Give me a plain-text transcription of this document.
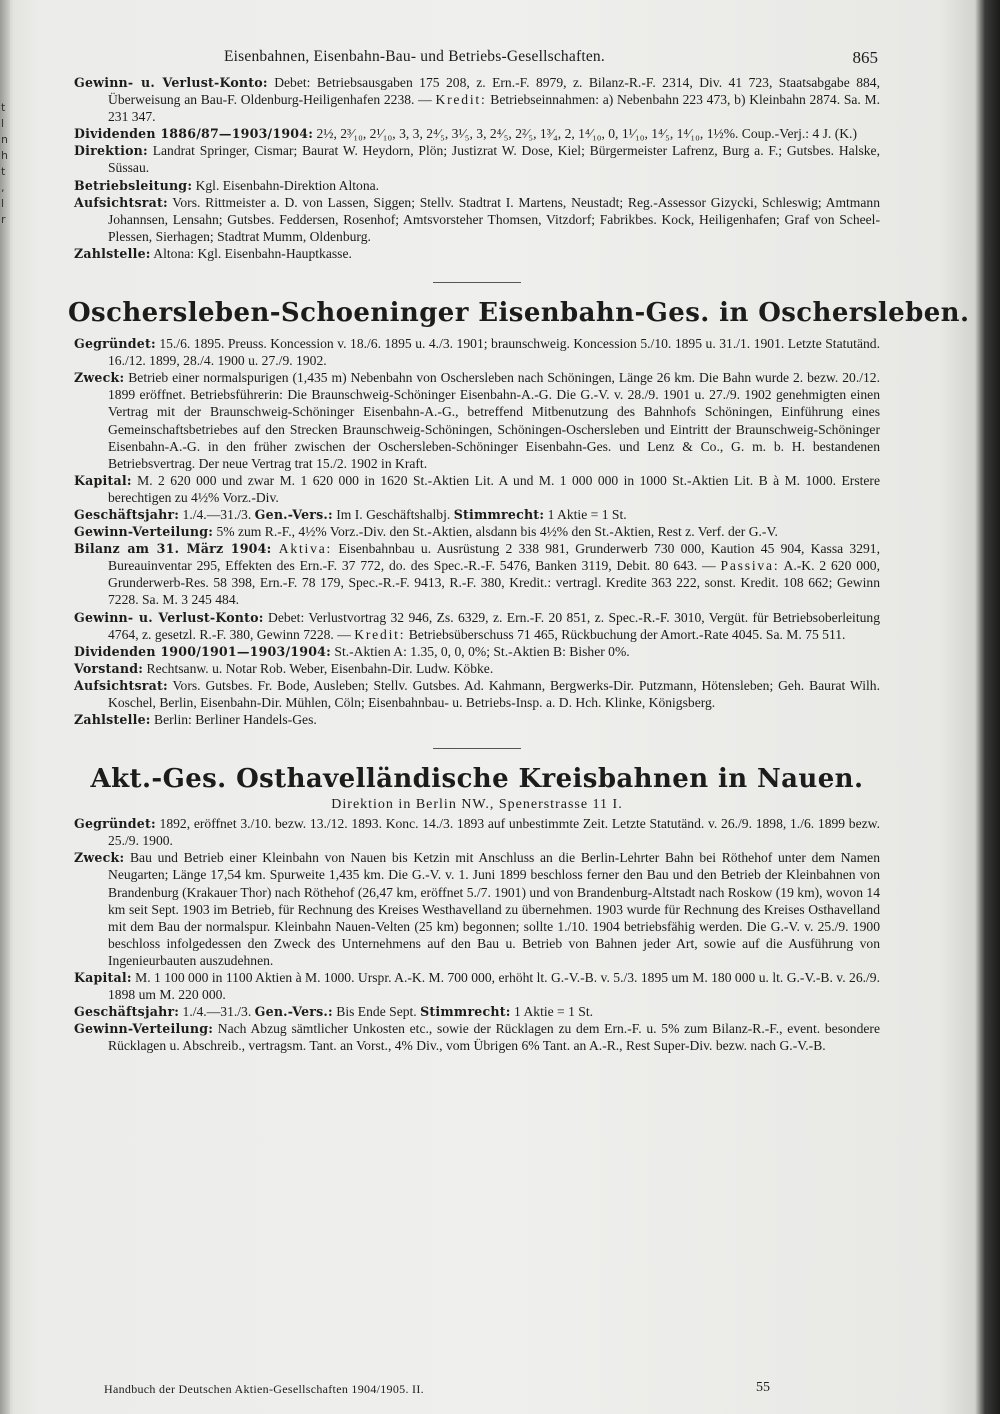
t
l
n
h
t
,
l
r
Eisenbahnen, Eisenbahn-Bau- und Betriebs-Gesellschaften.	865

Gewinn- u. Verlust-Konto: Debet: Betriebsausgaben 175 208, z. Ern.-F. 8979, z. Bilanz-R.-F. 2314, Div. 41 723, Staatsabgabe 884, Überweisung an Bau-F. Oldenburg-Heiligenhafen 2238. — Kredit: Betriebseinnahmen: a) Nebenbahn 223 473, b) Kleinbahn 2874. Sa. M. 231 347.

Dividenden 1886/87—1903/1904: 2½, 2³⁄₁₀, 2¹⁄₁₀, 3, 3, 2⁴⁄₅, 3¹⁄₅, 3, 2⁴⁄₅, 2²⁄₅, 1³⁄₄, 2, 1⁴⁄₁₀, 0, 1¹⁄₁₀, 1⁴⁄₅, 1⁴⁄₁₀, 1½%. Coup.-Verj.: 4 J. (K.)

Direktion: Landrat Springer, Cismar; Baurat W. Heydorn, Plön; Justizrat W. Dose, Kiel; Bürgermeister Lafrenz, Burg a. F.; Gutsbes. Halske, Süssau.

Betriebsleitung: Kgl. Eisenbahn-Direktion Altona.

Aufsichtsrat: Vors. Rittmeister a. D. von Lassen, Siggen; Stellv. Stadtrat I. Martens, Neustadt; Reg.-Assessor Gizycki, Schleswig; Amtmann Johannsen, Lensahn; Gutsbes. Feddersen, Rosenhof; Amtsvorsteher Thomsen, Vitzdorf; Fabrikbes. Kock, Heiligenhafen; Graf von Scheel-Plessen, Sierhagen; Stadtrat Mumm, Oldenburg.

Zahlstelle: Altona: Kgl. Eisenbahn-Hauptkasse.

Oschersleben-Schoeninger Eisenbahn-Ges. in Oschersleben.

Gegründet: 15./6. 1895. Preuss. Koncession v. 18./6. 1895 u. 4./3. 1901; braunschweig. Koncession 5./10. 1895 u. 31./1. 1901. Letzte Statutänd. 16./12. 1899, 28./4. 1900 u. 27./9. 1902.

Zweck: Betrieb einer normalspurigen (1,435 m) Nebenbahn von Oschersleben nach Schöningen, Länge 26 km. Die Bahn wurde 2. bezw. 20./12. 1899 eröffnet. Betriebsführerin: Die Braunschweig-Schöninger Eisenbahn-A.-G. Die G.-V. v. 28./9. 1901 u. 27./9. 1902 genehmigten einen Vertrag mit der Braunschweig-Schöninger Eisenbahn-A.-G., betreffend Mitbenutzung des Bahnhofs Schöningen, Einführung eines Gemeinschaftsbetriebes auf den Strecken Braunschweig-Schöningen, Schöningen-Oschersleben und Eintritt der Braunschweig-Schöninger Eisenbahn-A.-G. in den früher zwischen der Oschersleben-Schöninger Eisenbahn-Ges. und Lenz & Co., G. m. b. H. bestandenen Betriebsvertrag. Der neue Vertrag trat 15./2. 1902 in Kraft.

Kapital: M. 2 620 000 und zwar M. 1 620 000 in 1620 St.-Aktien Lit. A und M. 1 000 000 in 1000 St.-Aktien Lit. B à M. 1000. Erstere berechtigen zu 4½% Vorz.-Div.

Geschäftsjahr: 1./4.—31./3. Gen.-Vers.: Im I. Geschäftshalbj. Stimmrecht: 1 Aktie = 1 St.

Gewinn-Verteilung: 5% zum R.-F., 4½% Vorz.-Div. den St.-Aktien, alsdann bis 4½% den St.-Aktien, Rest z. Verf. der G.-V.

Bilanz am 31. März 1904: Aktiva: Eisenbahnbau u. Ausrüstung 2 338 981, Grunderwerb 730 000, Kaution 45 904, Kassa 3291, Bureauinventar 295, Effekten des Ern.-F. 37 772, do. des Spec.-R.-F. 5476, Banken 3119, Debit. 80 643. — Passiva: A.-K. 2 620 000, Grunderwerb-Res. 58 398, Ern.-F. 78 179, Spec.-R.-F. 9413, R.-F. 380, Kredit.: vertragl. Kredite 363 222, sonst. Kredit. 108 662; Gewinn 7228. Sa. M. 3 245 484.

Gewinn- u. Verlust-Konto: Debet: Verlustvortrag 32 946, Zs. 6329, z. Ern.-F. 20 851, z. Spec.-R.-F. 3010, Vergüt. für Betriebsoberleitung 4764, z. gesetzl. R.-F. 380, Gewinn 7228. — Kredit: Betriebsüberschuss 71 465, Rückbuchung der Amort.-Rate 4045. Sa. M. 75 511.

Dividenden 1900/1901—1903/1904: St.-Aktien A: 1.35, 0, 0, 0%; St.-Aktien B: Bisher 0%.

Vorstand: Rechtsanw. u. Notar Rob. Weber, Eisenbahn-Dir. Ludw. Köbke.

Aufsichtsrat: Vors. Gutsbes. Fr. Bode, Ausleben; Stellv. Gutsbes. Ad. Kahmann, Bergwerks-Dir. Putzmann, Hötensleben; Geh. Baurat Wilh. Koschel, Berlin, Eisenbahn-Dir. Mühlen, Cöln; Eisenbahnbau- u. Betriebs-Insp. a. D. Hch. Klinke, Königsberg.

Zahlstelle: Berlin: Berliner Handels-Ges.

Akt.-Ges. Osthavelländische Kreisbahnen in Nauen.
Direktion in Berlin NW., Spenerstrasse 11 I.

Gegründet: 1892, eröffnet 3./10. bezw. 13./12. 1893. Konc. 14./3. 1893 auf unbestimmte Zeit. Letzte Statutänd. v. 26./9. 1898, 1./6. 1899 bezw. 25./9. 1900.

Zweck: Bau und Betrieb einer Kleinbahn von Nauen bis Ketzin mit Anschluss an die Berlin-Lehrter Bahn bei Röthehof unter dem Namen Neugarten; Länge 17,54 km. Spurweite 1,435 km. Die G.-V. v. 1. Juni 1899 beschloss ferner den Bau und den Betrieb der Kleinbahnen von Brandenburg (Krakauer Thor) nach Röthehof (26,47 km, eröffnet 5./7. 1901) und von Brandenburg-Altstadt nach Roskow (19 km), wovon 14 km seit Sept. 1903 im Betrieb, für Rechnung des Kreises Westhavelland zu übernehmen. 1903 wurde für Rechnung des Kreises Osthavelland mit dem Bau der normalspur. Kleinbahn Nauen-Velten (25 km) begonnen; sollte 1./10. 1904 betriebsfähig werden. Die G.-V. v. 25./9. 1900 beschloss infolgedessen den Zweck des Unternehmens auf den Bau u. Betrieb von Bahnen jeder Art, sowie auf die Ausführung von Ingenieurbauten auszudehnen.

Kapital: M. 1 100 000 in 1100 Aktien à M. 1000. Urspr. A.-K. M. 700 000, erhöht lt. G.-V.-B. v. 5./3. 1895 um M. 180 000 u. lt. G.-V.-B. v. 26./9. 1898 um M. 220 000.

Geschäftsjahr: 1./4.—31./3. Gen.-Vers.: Bis Ende Sept. Stimmrecht: 1 Aktie = 1 St.

Gewinn-Verteilung: Nach Abzug sämtlicher Unkosten etc., sowie der Rücklagen zu dem Ern.-F. u. 5% zum Bilanz-R.-F., event. besondere Rücklagen u. Abschreib., vertragsm. Tant. an Vorst., 4% Div., vom Übrigen 6% Tant. an A.-R., Rest Super-Div. bezw. nach G.-V.-B.

Handbuch der Deutschen Aktien-Gesellschaften 1904/1905. II.	55
